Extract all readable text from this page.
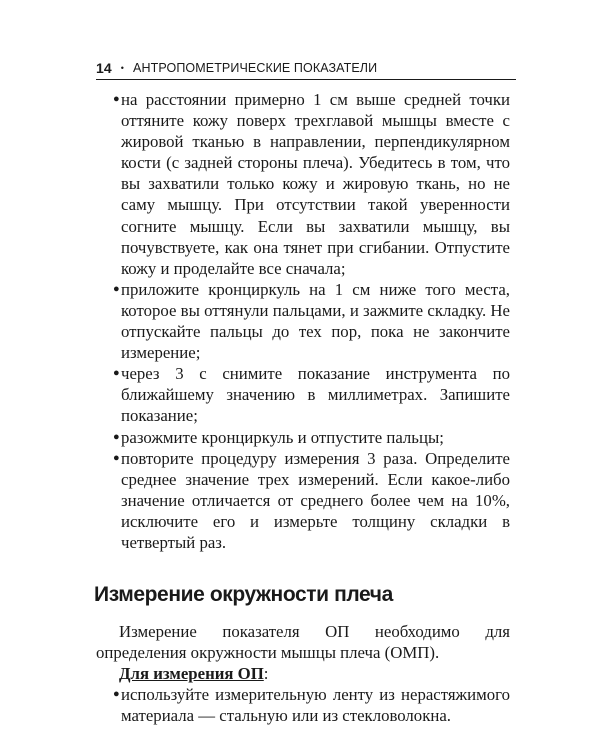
14 • АНТРОПОМЕТРИЧЕСКИЕ ПОКАЗАТЕЛИ
● на расстоянии примерно 1 см выше средней точки оттяните кожу поверх трехглавой мышцы вместе с жировой тканью в направлении, перпендикулярном кости (с задней стороны плеча). Убедитесь в том, что вы захватили только кожу и жировую ткань, но не саму мышцу. При отсутствии такой уверенности согните мышцу. Если вы захватили мышцу, вы почувствуете, как она тянет при сгибании. Отпустите кожу и проделайте все сначала;
● приложите кронциркуль на 1 см ниже того места, которое вы оттянули пальцами, и зажмите складку. Не отпускайте пальцы до тех пор, пока не закончите измерение;
● через 3 с снимите показание инструмента по ближайшему значению в миллиметрах. Запишите показание;
● разожмите кронциркуль и отпустите пальцы;
● повторите процедуру измерения 3 раза. Определите среднее значение трех измерений. Если какое-либо значение отличается от среднего более чем на 10%, исключите его и измерьте толщину складки в четвертый раз.
Измерение окружности плеча

Измерение показателя ОП необходимо для определения окружности мышцы плеча (ОМП).

Для измерения ОП:

● используйте измерительную ленту из нерастяжимого материала — стальную или из стекловолокна.
